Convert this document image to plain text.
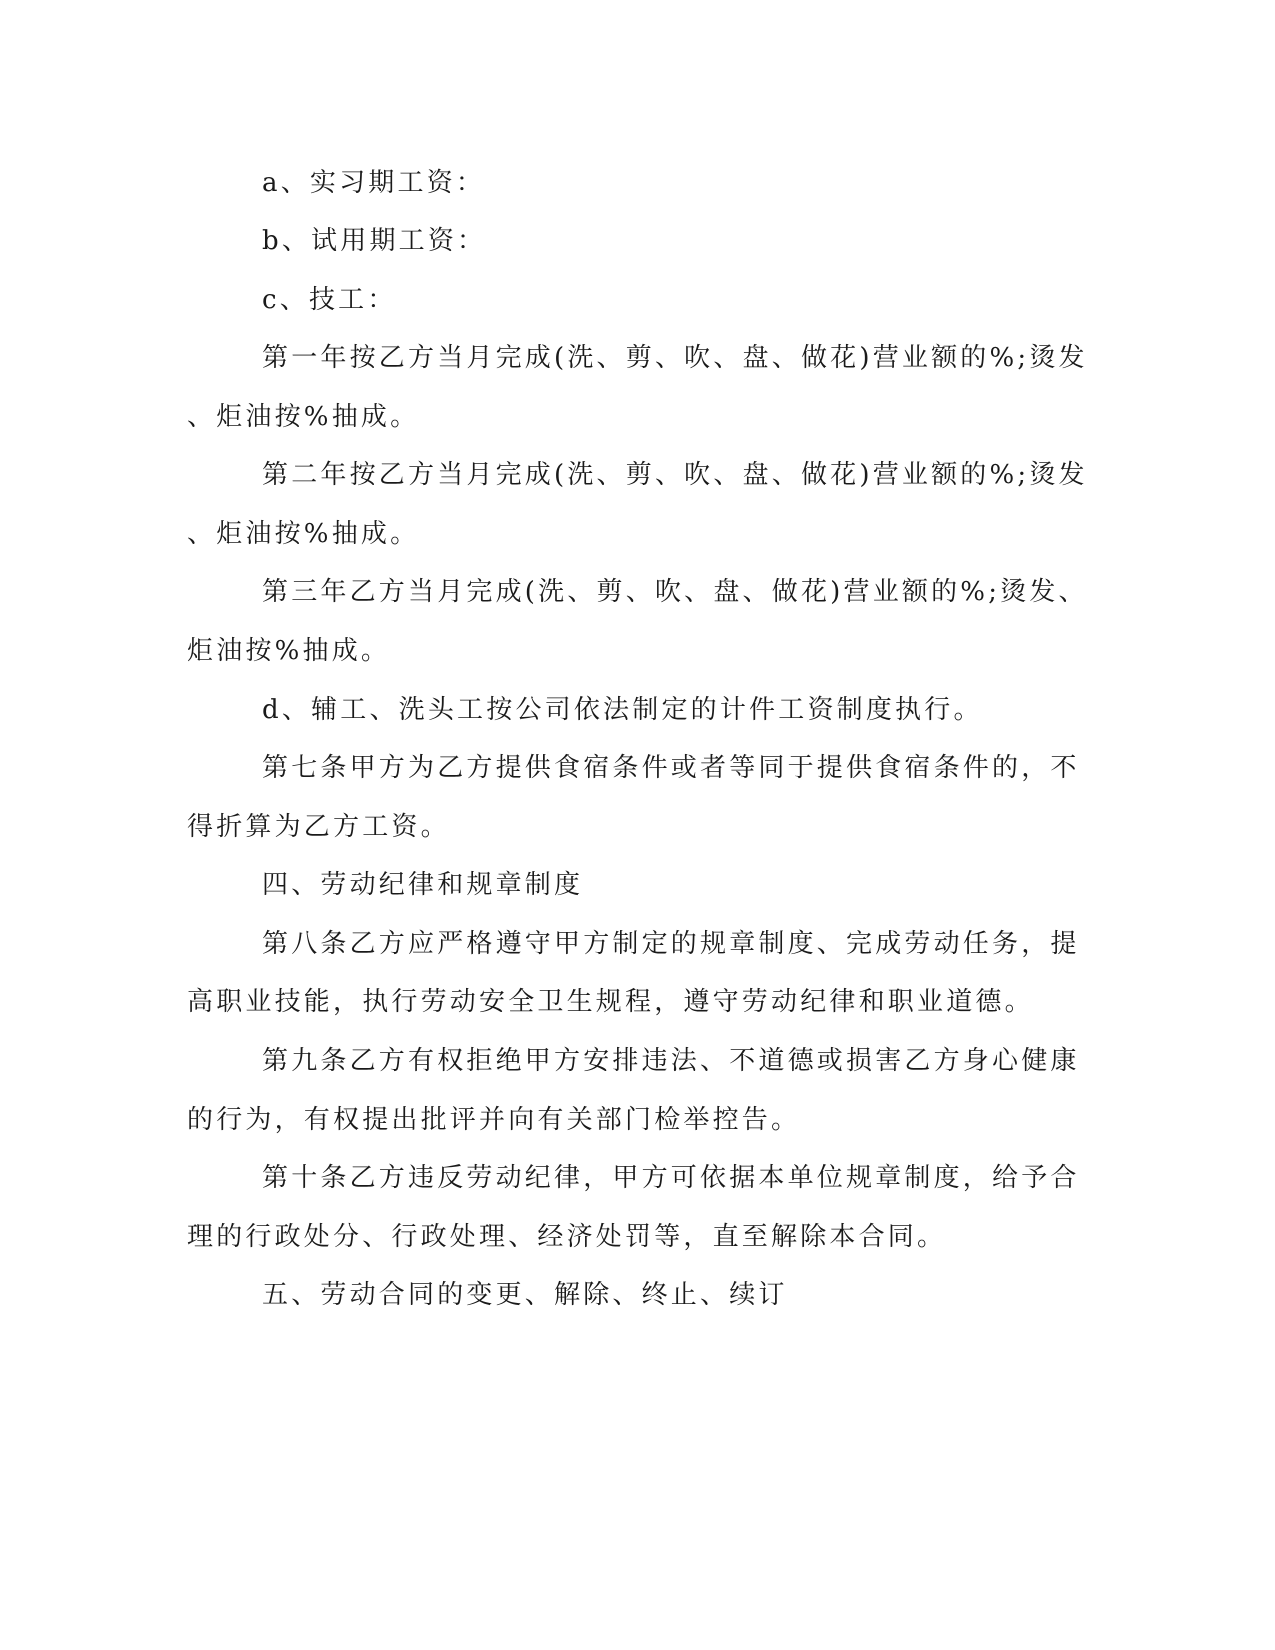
a、实习期工资：

b、试用期工资：

c、技工：

第一年按乙方当月完成(洗、剪、吹、盘、做花)营业额的%;烫发

、炬油按%抽成。

第二年按乙方当月完成(洗、剪、吹、盘、做花)营业额的%;烫发

、炬油按%抽成。

第三年乙方当月完成(洗、剪、吹、盘、做花)营业额的%;烫发、

炬油按%抽成。

d、辅工、洗头工按公司依法制定的计件工资制度执行。

第七条甲方为乙方提供食宿条件或者等同于提供食宿条件的，不

得折算为乙方工资。

四、劳动纪律和规章制度

第八条乙方应严格遵守甲方制定的规章制度、完成劳动任务，提

高职业技能，执行劳动安全卫生规程，遵守劳动纪律和职业道德。

第九条乙方有权拒绝甲方安排违法、不道德或损害乙方身心健康

的行为，有权提出批评并向有关部门检举控告。

第十条乙方违反劳动纪律，甲方可依据本单位规章制度，给予合

理的行政处分、行政处理、经济处罚等，直至解除本合同。

五、劳动合同的变更、解除、终止、续订
